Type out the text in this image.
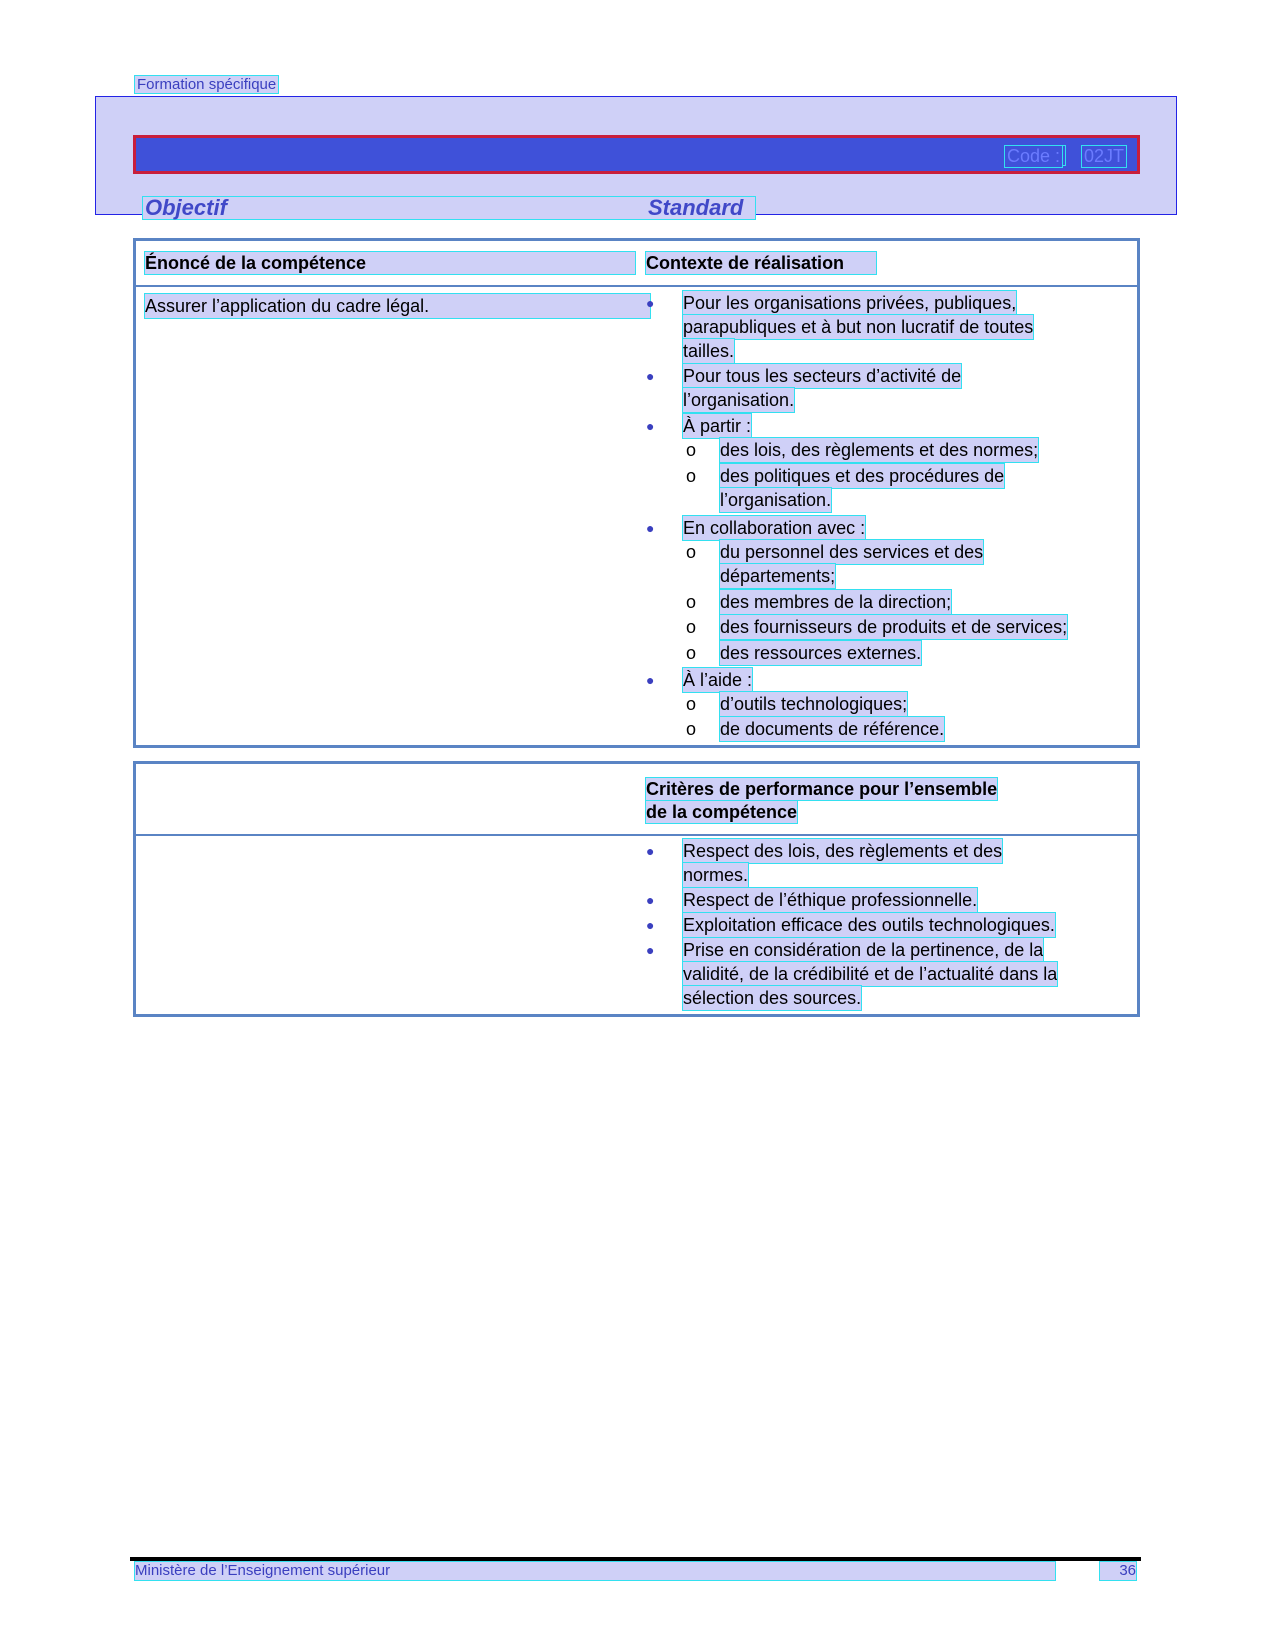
Formation spécifique
Code : 02JT
Objectif	Standard
Énoncé de la compétence	Contexte de réalisation
Assurer l’application du cadre légal.	● Pour les organisations privées, publiques,
parapubliques et à but non lucratif de toutes
tailles.
● Pour tous les secteurs d’activité de
l’organisation.
● À partir :
o des lois, des règlements et des normes;
o des politiques et des procédures de
l’organisation.
● En collaboration avec :
o du personnel des services et des
départements;
o des membres de la direction;
o des fournisseurs de produits et de services;
o des ressources externes.
● À l’aide :
o d’outils technologiques;
o de documents de référence.
Critères de performance pour l’ensemble
de la compétence
● Respect des lois, des règlements et des
normes.
● Respect de l’éthique professionnelle.
● Exploitation efficace des outils technologiques.
● Prise en considération de la pertinence, de la
validité, de la crédibilité et de l’actualité dans la
sélection des sources.
Ministère de l’Enseignement supérieur	36
